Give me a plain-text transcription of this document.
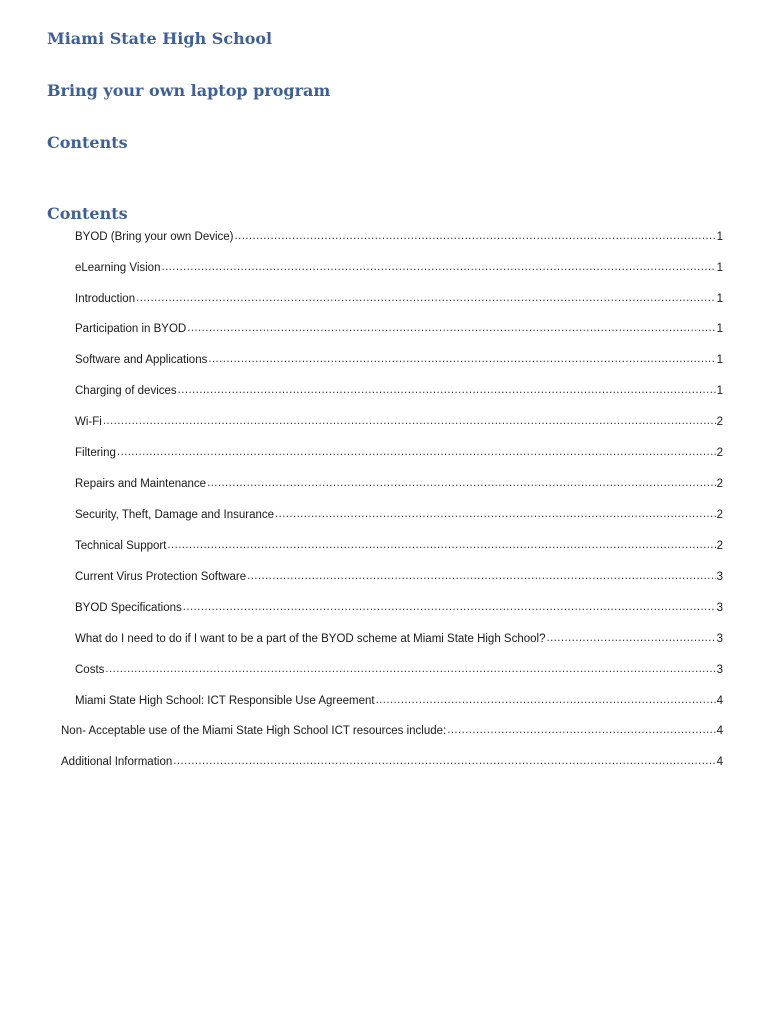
Miami State High School
Bring your own laptop program
Contents
Contents
BYOD (Bring your own Device) .....	1
eLearning Vision .....	1
Introduction .....	1
Participation in BYOD .....	1
Software and Applications .....	1
Charging of devices .....	1
Wi-Fi .....	2
Filtering .....	2
Repairs and Maintenance .....	2
Security, Theft, Damage and Insurance .....	2
Technical Support .....	2
Current Virus Protection Software .....	3
BYOD Specifications .....	3
What do I need to do if I want to be a part of the BYOD scheme at Miami State High School? .....	3
Costs .....	3
Miami State High School: ICT Responsible Use Agreement .....	4
Non- Acceptable use of the Miami State High School ICT resources include: .....	4
Additional Information .....	4
